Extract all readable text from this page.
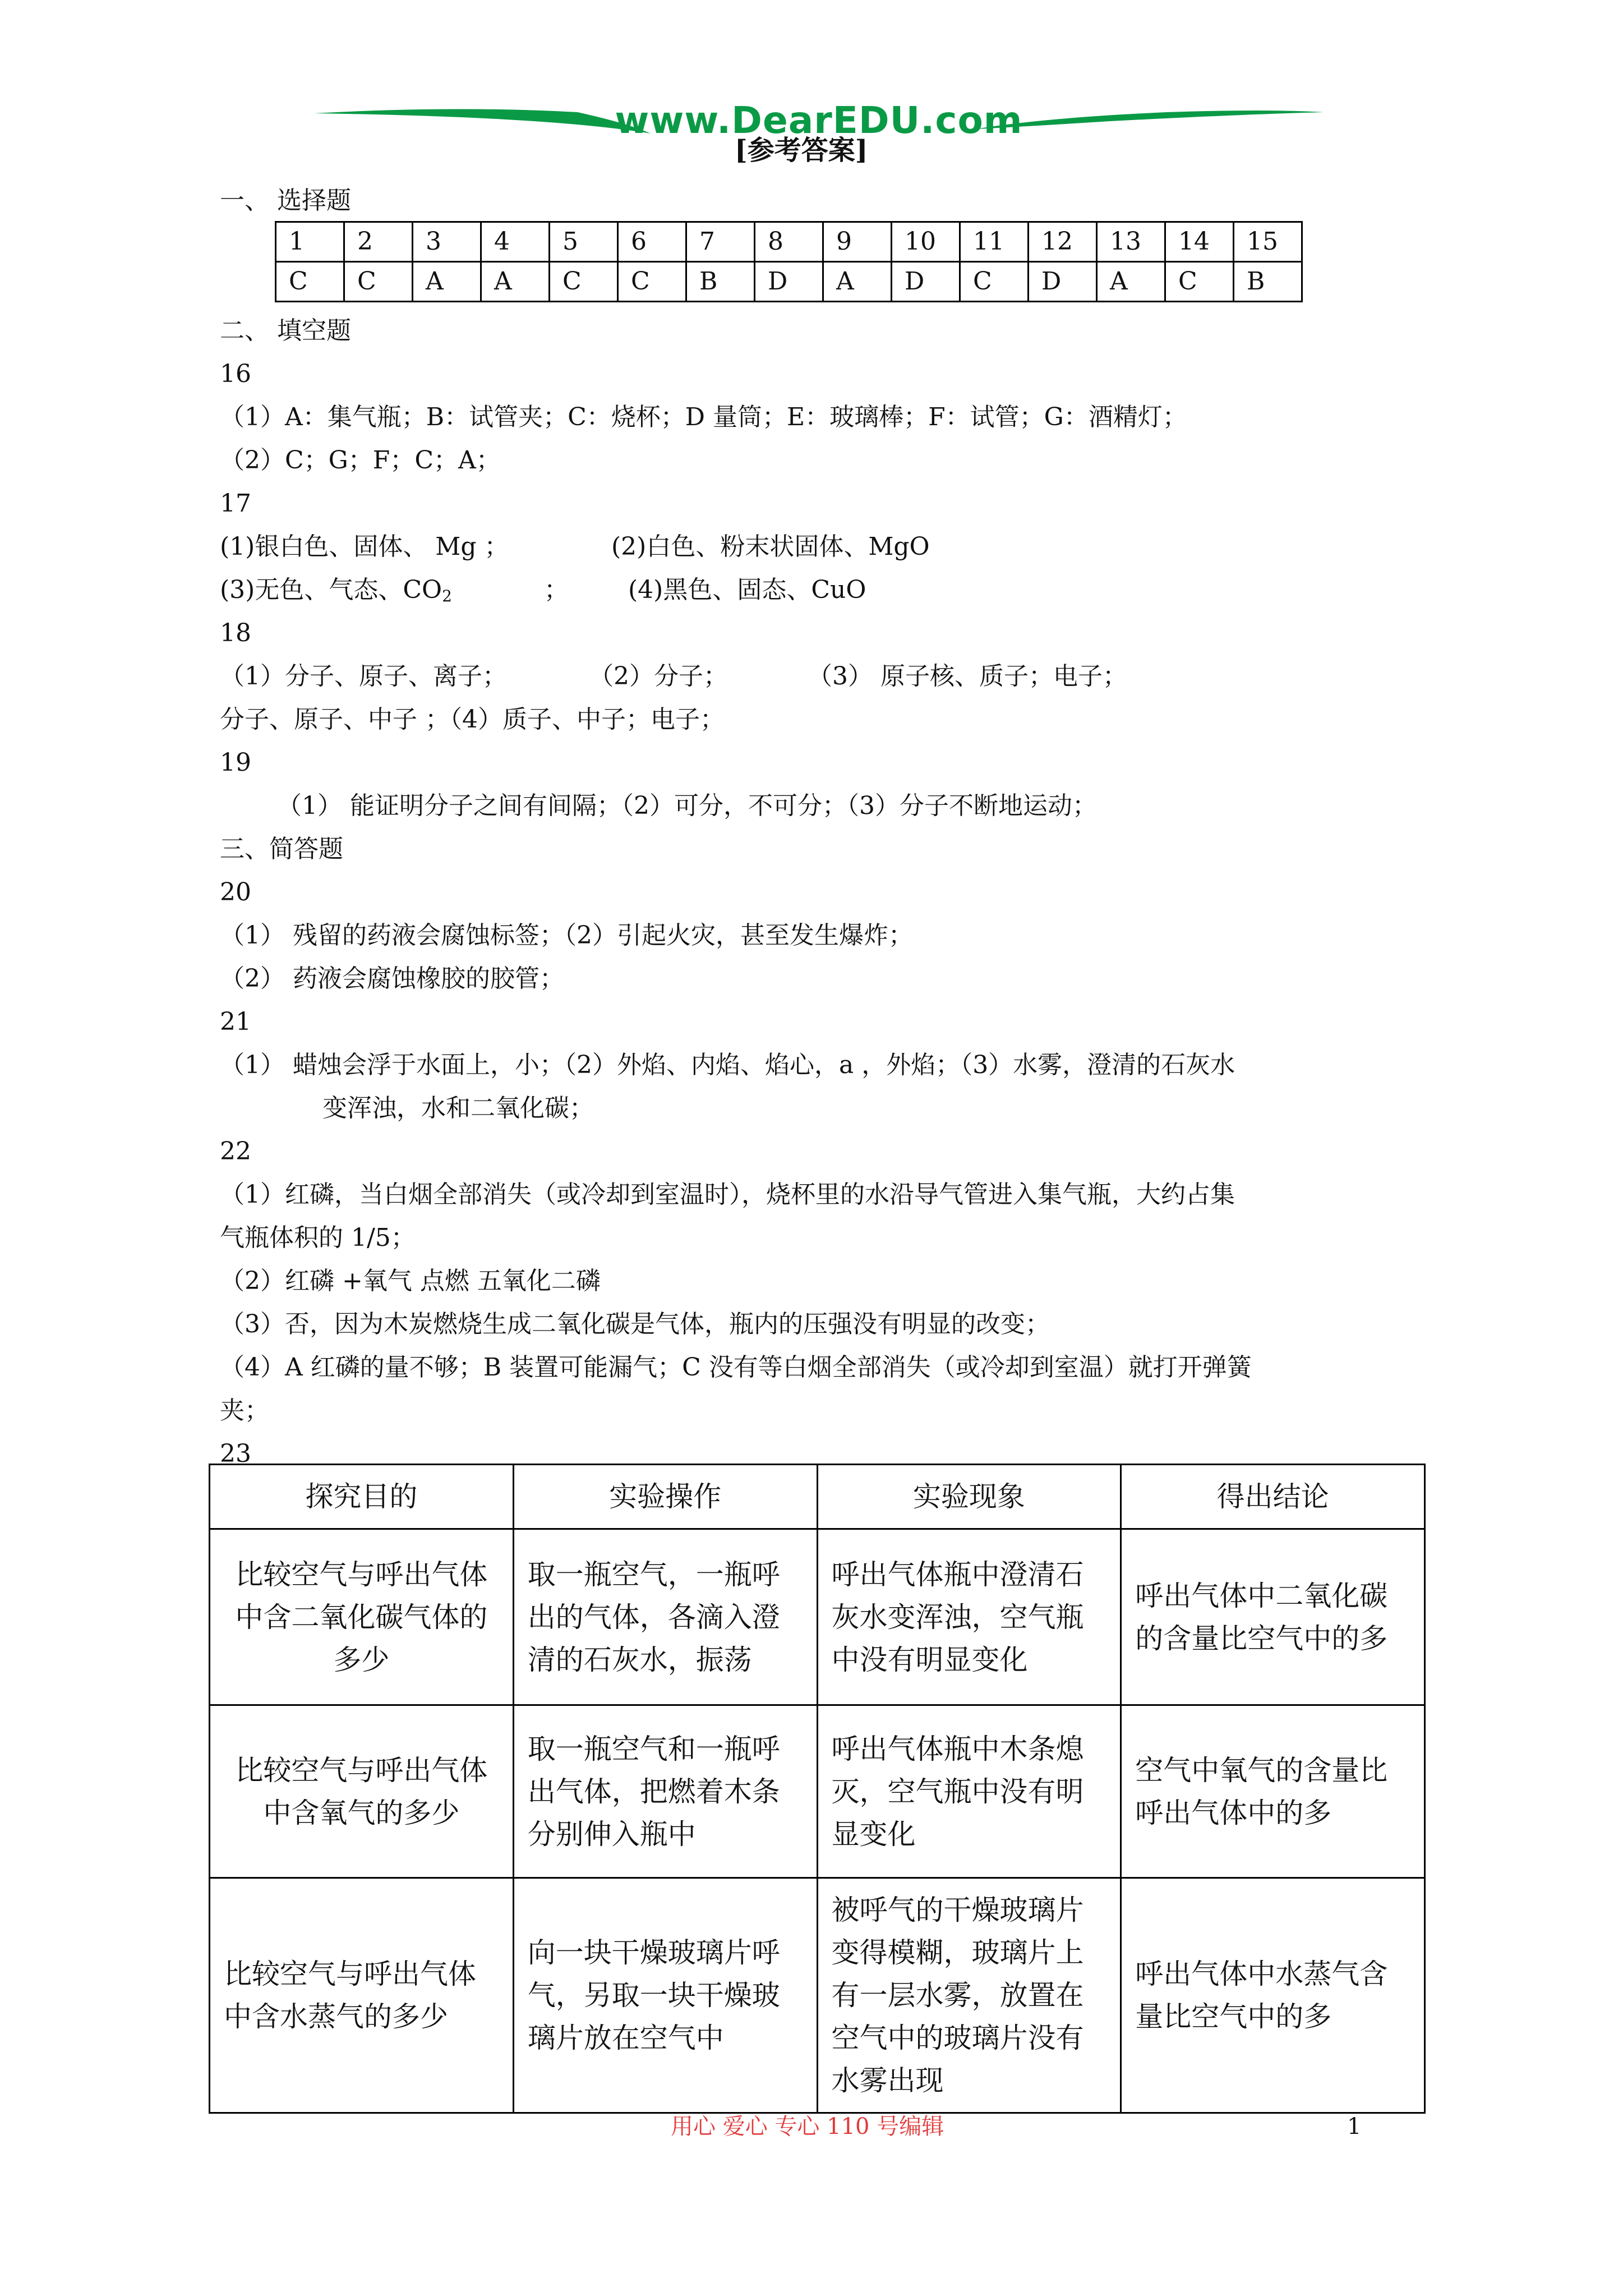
www.DearEDU.com
[参考答案]
一、 选择题
1	2	3	4	5	6	7	8	9	10	11	12	13	14	15
C	C	A	A	C	C	B	D	A	D	C	D	A	C	B
二、 填空题
16
（1）A：集气瓶；B：试管夹；C：烧杯；D 量筒；E：玻璃棒；F：试管；G：酒精灯；
（2）C；G；F；C；A；
17
(1)银白色、固体、 Mg ；	(2)白色、粉末状固体、MgO
(3)无色、气态、$CO_2$	； (4)黑色、固态、CuO
18
（1）分子、原子、离子；	（2）分子；	（3） 原子核、质子；电子；
分子、原子、中子 ；（4）质子、中子；电子；
19
（1） 能证明分子之间有间隔；（2）可分，不可分；（3）分子不断地运动；
三、简答题
20
（1） 残留的药液会腐蚀标签；（2）引起火灾，甚至发生爆炸；
（2） 药液会腐蚀橡胶的胶管；
21
（1） 蜡烛会浮于水面上，小；（2）外焰、内焰、焰心，a ，外焰；（3）水雾，澄清的石灰水
变浑浊，水和二氧化碳；
22
（1）红磷，当白烟全部消失（或冷却到室温时），烧杯里的水沿导气管进入集气瓶，大约占集
气瓶体积的 1/5；
（2）红磷 +氧气 点燃 五氧化二磷
（3）否，因为木炭燃烧生成二氧化碳是气体，瓶内的压强没有明显的改变；
（4）A 红磷的量不够；B 装置可能漏气；C 没有等白烟全部消失（或冷却到室温）就打开弹簧
夹；
23
探究目的	实验操作	实验现象	得出结论
比较空气与呼出气体中含二氧化碳气体的多少	取一瓶空气，一瓶呼出的气体，各滴入澄清的石灰水，振荡	呼出气体瓶中澄清石灰水变浑浊，空气瓶中没有明显变化	呼出气体中二氧化碳的含量比空气中的多
比较空气与呼出气体中含氧气的多少	取一瓶空气和一瓶呼出气体，把燃着木条分别伸入瓶中	呼出气体瓶中木条熄灭，空气瓶中没有明显变化	空气中氧气的含量比呼出气体中的多
比较空气与呼出气体中含水蒸气的多少	向一块干燥玻璃片呼气，另取一块干燥玻璃片放在空气中	被呼气的干燥玻璃片变得模糊，玻璃片上有一层水雾，放置在空气中的玻璃片没有水雾出现	呼出气体中水蒸气含量比空气中的多
用心 爱心 专心 110 号编辑	1
